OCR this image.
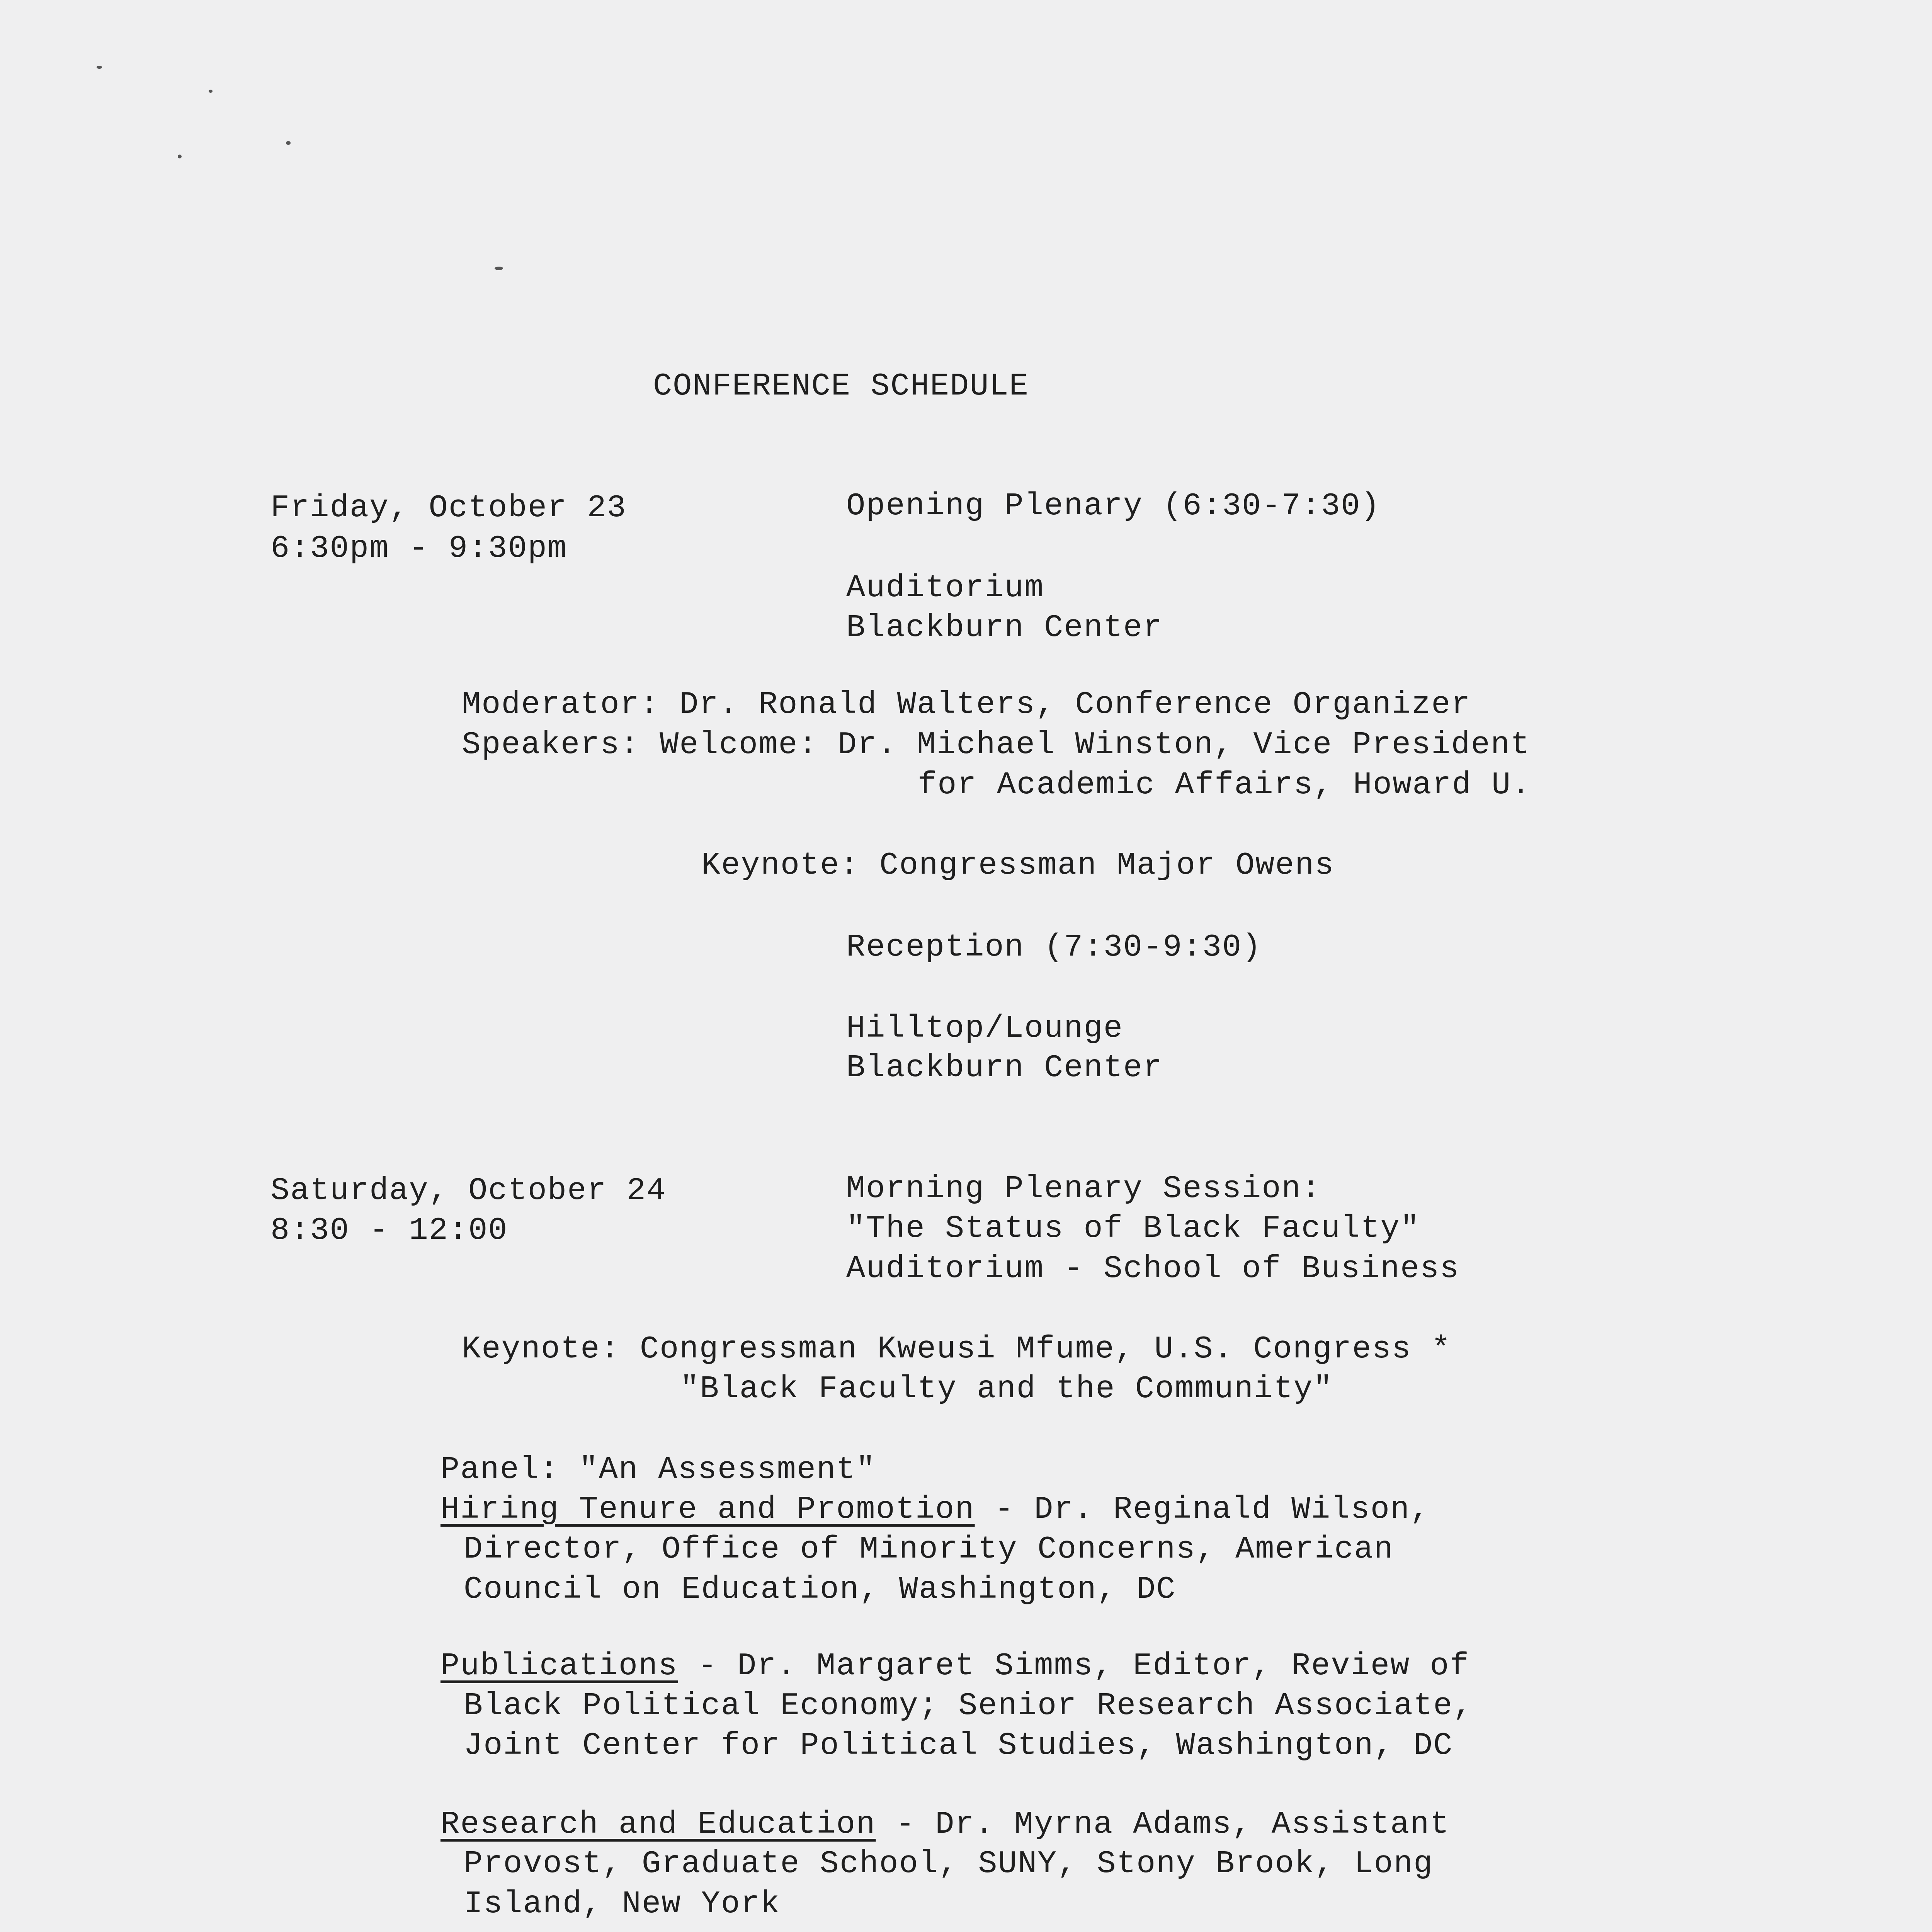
CONFERENCE SCHEDULE
Friday, October 23
6:30pm - 9:30pm
Opening Plenary (6:30-7:30)
Auditorium
Blackburn Center
Moderator: Dr. Ronald Walters, Conference Organizer
Speakers: Welcome: Dr. Michael Winston, Vice President
for Academic Affairs, Howard U.
Keynote: Congressman Major Owens
Reception (7:30-9:30)
Hilltop/Lounge
Blackburn Center
Saturday, October 24
8:30 - 12:00
Morning Plenary Session:
"The Status of Black Faculty"
Auditorium - School of Business
Keynote: Congressman Kweusi Mfume, U.S. Congress *
"Black Faculty and the Community"
Panel: "An Assessment"
Hiring Tenure and Promotion - Dr. Reginald Wilson,
Director, Office of Minority Concerns, American
Council on Education, Washington, DC
Publications - Dr. Margaret Simms, Editor, Review of
Black Political Economy; Senior Research Associate,
Joint Center for Political Studies, Washington, DC
Research and Education - Dr. Myrna Adams, Assistant
Provost, Graduate School, SUNY, Stony Brook, Long
Island, New York
